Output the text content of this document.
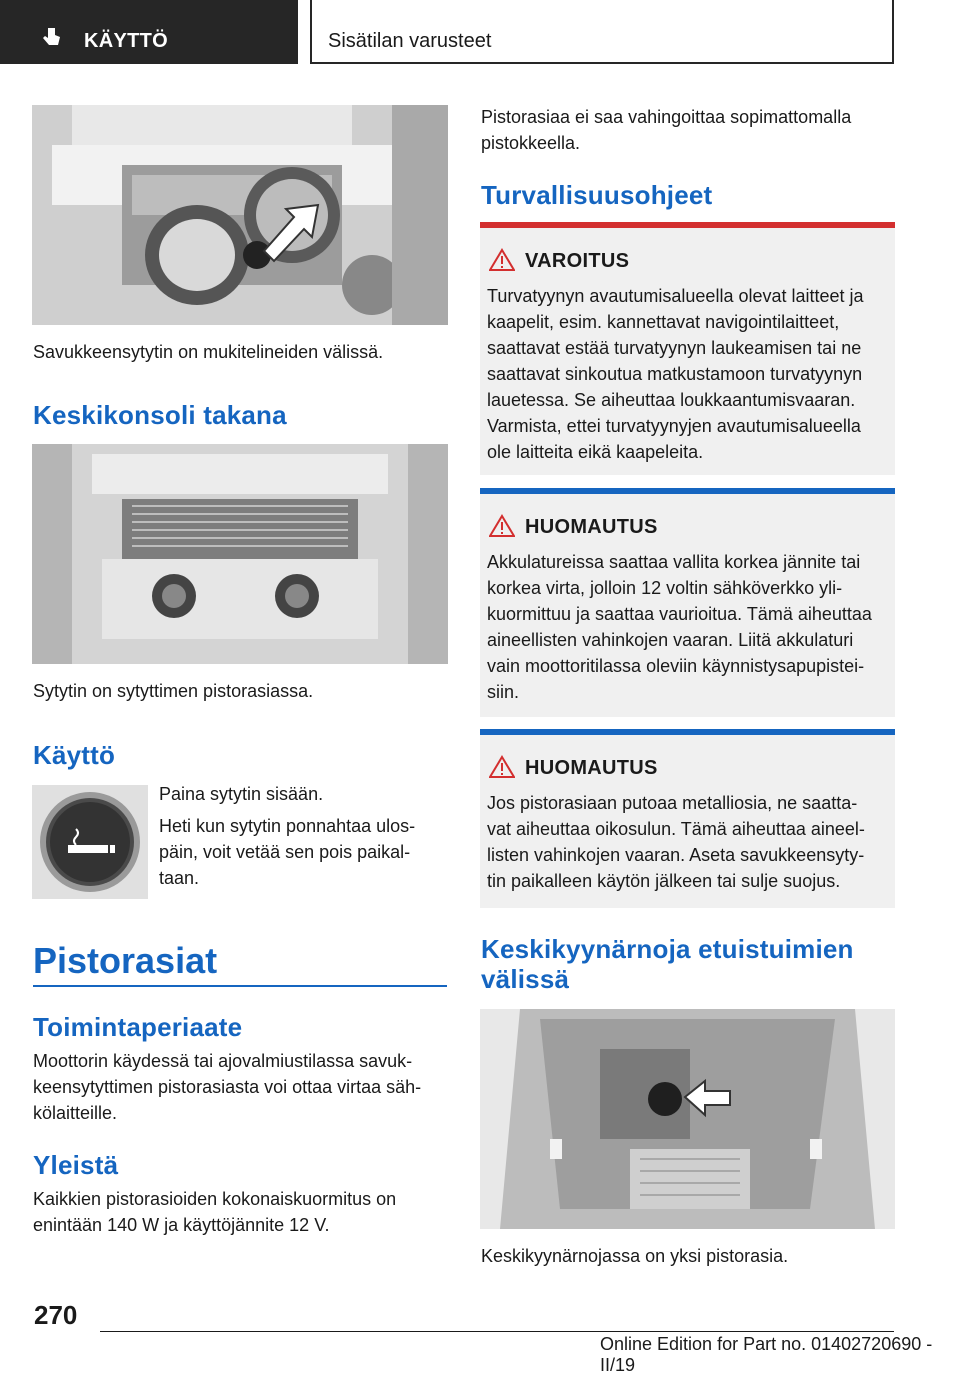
KÄYTTÖ	Sisätilan varusteet
Savukkeensytytin on mukitelineiden välissä.
Keskikonsoli takana
Sytytin on sytyttimen pistorasiassa.
Käyttö
Paina sytytin sisään.
Heti kun sytytin ponnahtaa ulos-
päin, voit vetää sen pois paikal-
taan.
Pistorasiat
Toimintaperiaate
Moottorin käydessä tai ajovalmiustilassa savuk-
keensytyttimen pistorasiasta voi ottaa virtaa säh-
kölaitteille.
Yleistä
Kaikkien pistorasioiden kokonaiskuormitus on
enintään 140 W ja käyttöjännite 12 V.
Pistorasiaa ei saa vahingoittaa sopimattomalla
pistokkeella.
Turvallisuusohjeet
VAROITUS
Turvatyynyn avautumisalueella olevat laitteet ja
kaapelit, esim. kannettavat navigointilaitteet,
saattavat estää turvatyynyn laukeamisen tai ne
saattavat sinkoutua matkustamoon turvatyynyn
lauetessa. Se aiheuttaa loukkaantumisvaaran.
Varmista, ettei turvatyynyjen avautumisalueella
ole laitteita eikä kaapeleita.
HUOMAUTUS
Akkulatureissa saattaa vallita korkea jännite tai
korkea virta, jolloin 12 voltin sähköverkko yli-
kuormittuu ja saattaa vaurioitua. Tämä aiheuttaa
aineellisten vahinkojen vaaran. Liitä akkulaturi
vain moottoritilassa oleviin käynnistysapupistei-
siin.
HUOMAUTUS
Jos pistorasiaan putoaa metalliosia, ne saatta-
vat aiheuttaa oikosulun. Tämä aiheuttaa aineel-
listen vahinkojen vaaran. Aseta savukkeensyty-
tin paikalleen käytön jälkeen tai sulje suojus.
Keskikyynärnoja etuistuimien
välissä
Keskikyynärnojassa on yksi pistorasia.
270
Online Edition for Part no. 01402720690 - II/19
